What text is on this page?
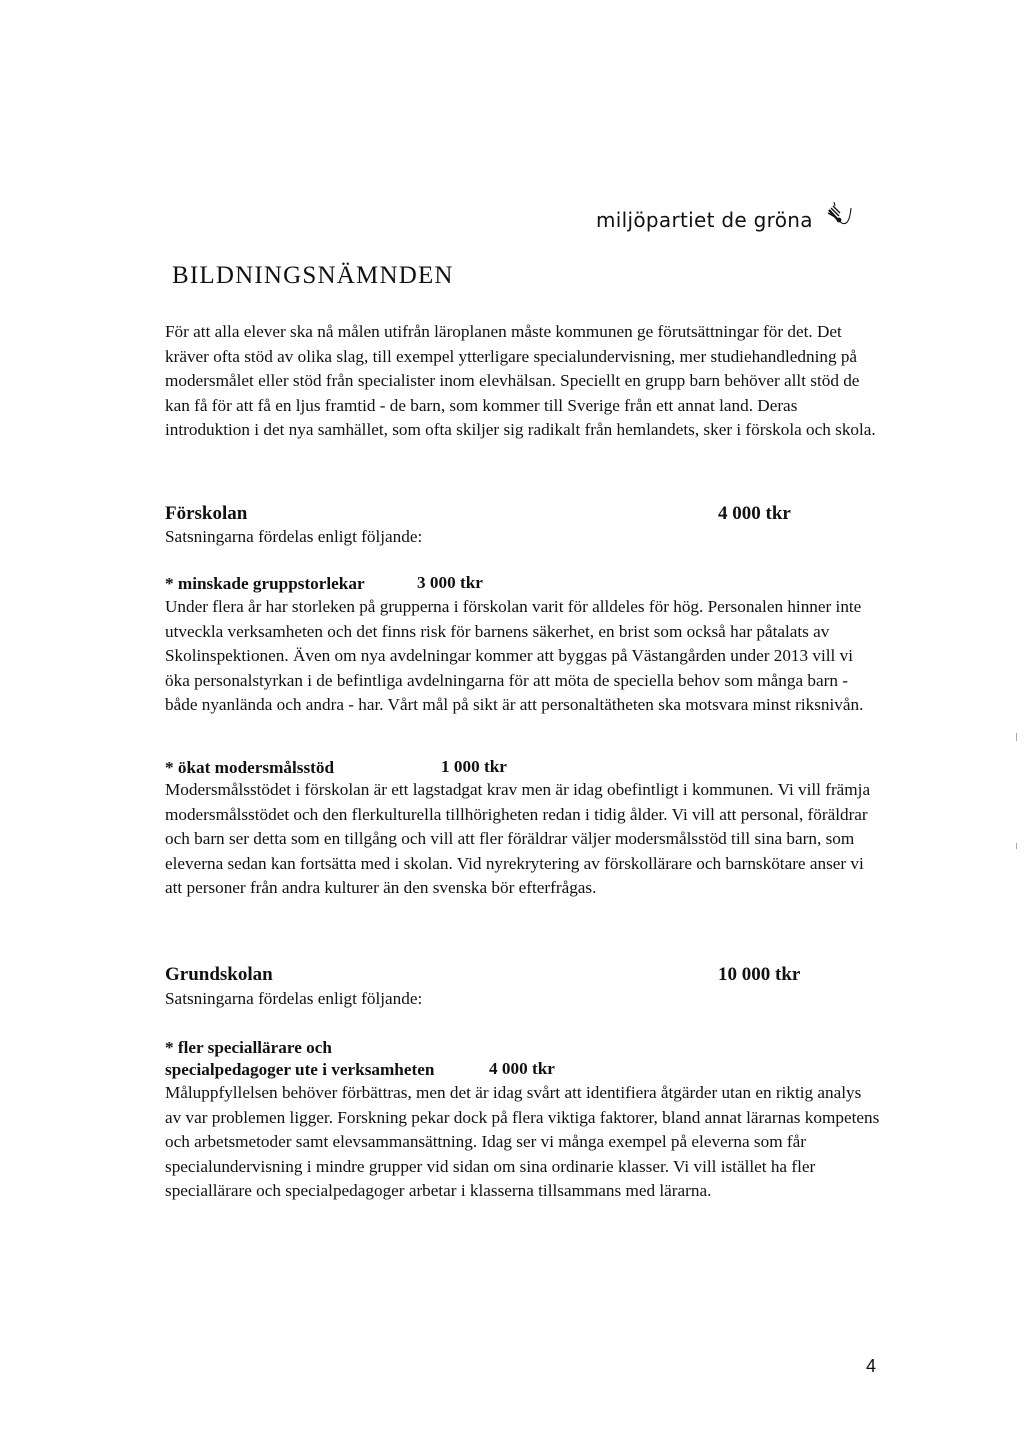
miljöpartiet de gröna
BILDNINGSNÄMNDEN

För att alla elever ska nå målen utifrån läroplanen måste kommunen ge förutsättningar för det. Det kräver ofta stöd av olika slag, till exempel ytterligare specialundervisning, mer studiehandledning på modersmålet eller stöd från specialister inom elevhälsan. Speciellt en grupp barn behöver allt stöd de kan få för att få en ljus framtid - de barn, som kommer till Sverige från ett annat land. Deras introduktion i det nya samhället, som ofta skiljer sig radikalt från hemlandets, sker i förskola och skola.

Förskolan	4 000 tkr
Satsningarna fördelas enligt följande:
* minskade gruppstorlekar	3 000 tkr

Under flera år har storleken på grupperna i förskolan varit för alldeles för hög. Personalen hinner inte utveckla verksamheten och det finns risk för barnens säkerhet, en brist som också har påtalats av Skolinspektionen. Även om nya avdelningar kommer att byggas på Västangården under 2013 vill vi öka personalstyrkan i de befintliga avdelningarna för att möta de speciella behov som många barn - både nyanlända och andra - har. Vårt mål på sikt är att personaltätheten ska motsvara minst riksnivån.

* ökat modersmålsstöd	1 000 tkr

Modersmålsstödet i förskolan är ett lagstadgat krav men är idag obefintligt i kommunen. Vi vill främja modersmålsstödet och den flerkulturella tillhörigheten redan i tidig ålder. Vi vill att personal, föräldrar och barn ser detta som en tillgång och vill att fler föräldrar väljer modersmålsstöd till sina barn, som eleverna sedan kan fortsätta med i skolan. Vid nyrekrytering av förskollärare och barnskötare anser vi att personer från andra kulturer än den svenska bör efterfrågas.

Grundskolan	10 000 tkr
Satsningarna fördelas enligt följande:
* fler speciallärare och
specialpedagoger ute i verksamheten	4 000 tkr

Måluppfyllelsen behöver förbättras, men det är idag svårt att identifiera åtgärder utan en riktig analys av var problemen ligger. Forskning pekar dock på flera viktiga faktorer, bland annat lärarnas kompetens och arbetsmetoder samt elevsammansättning. Idag ser vi många exempel på eleverna som får specialundervisning i mindre grupper vid sidan om sina ordinarie klasser. Vi vill istället ha fler speciallärare och specialpedagoger arbetar i klasserna tillsammans med lärarna.

4
